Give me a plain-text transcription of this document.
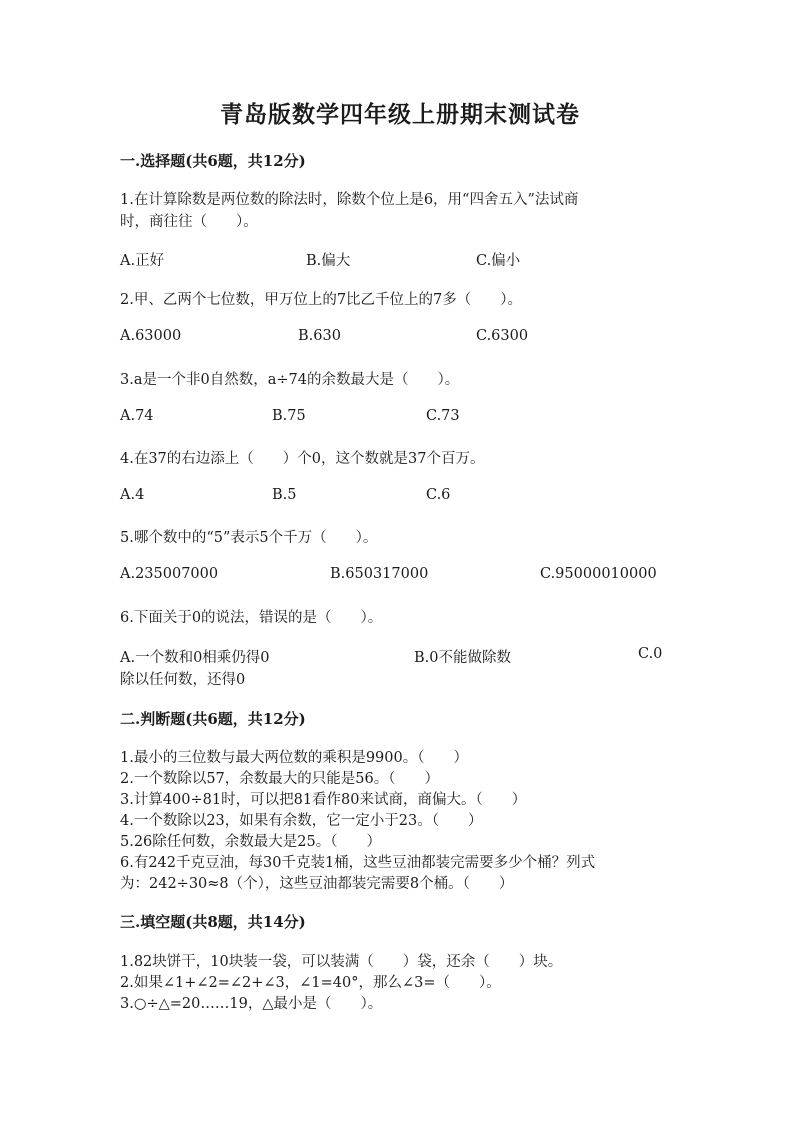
青岛版数学四年级上册期末测试卷
一.选择题(共6题，共12分)
1.在计算除数是两位数的除法时，除数个位上是6，用“四舍五入”法试商
时，商往往（　　）。
A.正好	B.偏大	C.偏小
2.甲、乙两个七位数，甲万位上的7比乙千位上的7多（　　）。
A.63000	B.630	C.6300
3.a是一个非0自然数，a÷74的余数最大是（　　）。
A.74	B.75	C.73
4.在37的右边添上（　　）个0，这个数就是37个百万。
A.4	B.5	C.6
5.哪个数中的“5”表示5个千万（　　）。
A.235007000	B.650317000	C.95000010000
6.下面关于0的说法，错误的是（　　）。
A.一个数和0相乘仍得0	B.0不能做除数	C.0
除以任何数，还得0
二.判断题(共6题，共12分)
1.最小的三位数与最大两位数的乘积是9900。（　　）
2.一个数除以57，余数最大的只能是56。（　　）
3.计算400÷81时，可以把81看作80来试商，商偏大。（　　）
4.一个数除以23，如果有余数，它一定小于23。（　　）
5.26除任何数，余数最大是25。（　　）
6.有242千克豆油，每30千克装1桶，这些豆油都装完需要多少个桶？列式
为：242÷30≈8（个），这些豆油都装完需要8个桶。（　　）
三.填空题(共8题，共14分)
1.82块饼干，10块装一袋，可以装满（　　）袋，还余（　　）块。
2.如果∠1+∠2=∠2+∠3，∠1=40°，那么∠3=（　　）。
3.○÷△=20……19，△最小是（　　）。
